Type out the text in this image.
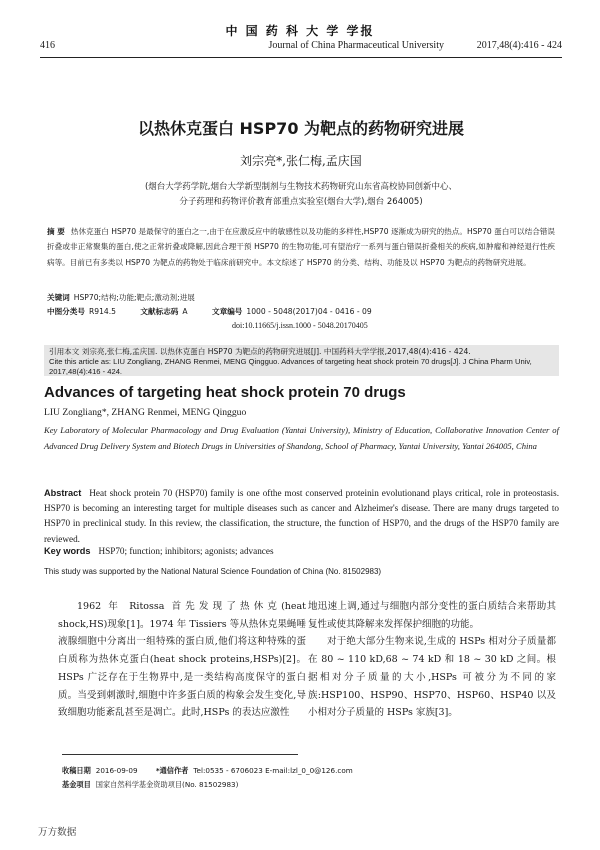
中 国 药 科 大 学 学报
416	Journal of China Pharmaceutical University	2017,48(4):416 - 424
以热休克蛋白 HSP70 为靶点的药物研究进展
刘宗亮*,张仁梅,孟庆国
(烟台大学药学院,烟台大学新型制剂与生物技术药物研究山东省高校协同创新中心、
分子药理和药物评价教育部重点实验室(烟台大学),烟台 264005)
摘 要 热休克蛋白 HSP70 是最保守的蛋白之一,由于在应激反应中的敏感性以及功能的多样性,HSP70 逐渐成为研究的热点。HSP70 蛋白可以结合错误折叠或非正常聚集的蛋白,使之正常折叠或降解,因此合理干预 HSP70 的生物功能,可有望治疗一系列与蛋白错误折叠相关的疾病,如肿瘤和神经退行性疾病等。目前已有多类以 HSP70 为靶点的药物处于临床前研究中。本文综述了 HSP70 的分类、结构、功能及以 HSP70 为靶点的药物研究进展。
关键词 HSP70;结构;功能;靶点;激动剂;进展
中图分类号 R914.5	文献标志码 A	文章编号 1000 - 5048(2017)04 - 0416 - 09
doi:10.11665/j.issn.1000 - 5048.20170405
引用本文 刘宗亮,张仁梅,孟庆国. 以热休克蛋白 HSP70 为靶点的药物研究进展[J]. 中国药科大学学报,2017,48(4):416 - 424.
Cite this article as: LIU Zongliang, ZHANG Renmei, MENG Qingguo. Advances of targeting heat shock protein 70 drugs[J]. J China Pharm Univ,
2017,48(4):416 - 424.
Advances of targeting heat shock protein 70 drugs
LIU Zongliang*, ZHANG Renmei, MENG Qingguo
Key Laboratory of Molecular Pharmacology and Drug Evaluation (Yantai University), Ministry of Education, Collaborative Innovation Center of Advanced Drug Delivery System and Biotech Drugs in Universities of Shandong, School of Pharmacy, Yantai University, Yantai 264005, China
Abstract Heat shock protein 70 (HSP70) family is one ofthe most conserved proteinin evolutionand plays critical, role in proteostasis. HSP70 is becoming an interesting target for multiple diseases such as cancer and Alzheimer's disease. There are many drugs targeted to HSP70 in preclinical study. In this review, the classification, the structure, the function of HSP70, and the drugs of the HSP70 family are reviewed.
Key words HSP70; function; inhibitors; agonists; advances
This study was supported by the National Natural Science Foundation of China (No. 81502983)

1962 年 Ritossa 首先发现了热休克(heat shock,HS)现象[1]。1974 年 Tissiers 等从热休克果蝇唾液腺细胞中分离出一组特殊的蛋白质,他们将这种特殊的蛋白质称为热休克蛋白(heat shock proteins,HSPs)[2]。HSPs 广泛存在于生物界中,是一类结构高度保守的蛋白质。当受到刺激时,细胞中许多蛋白质的构象会发生变化,导致细胞功能紊乱甚至是凋亡。此时,HSPs 的表达应激性

地迅速上调,通过与细胞内部分变性的蛋白质结合来帮助其复性或使其降解来发挥保护细胞的功能。

对于绝大部分生物来说,生成的 HSPs 相对分子质量都在 80 ~ 110 kD,68 ~ 74 kD 和 18 ~ 30 kD 之间。根据相对分子质量的大小,HSPs 可被分为不同的家族:HSP100、HSP90、HSP70、HSP60、HSP40 以及小相对分子质量的 HSPs 家族[3]。

收稿日期 2016-09-09	*通信作者 Tel:0535 - 6706023 E-mail:lzl_0_0@126.com
基金项目 国家自然科学基金资助项目(No. 81502983)
万方数据
